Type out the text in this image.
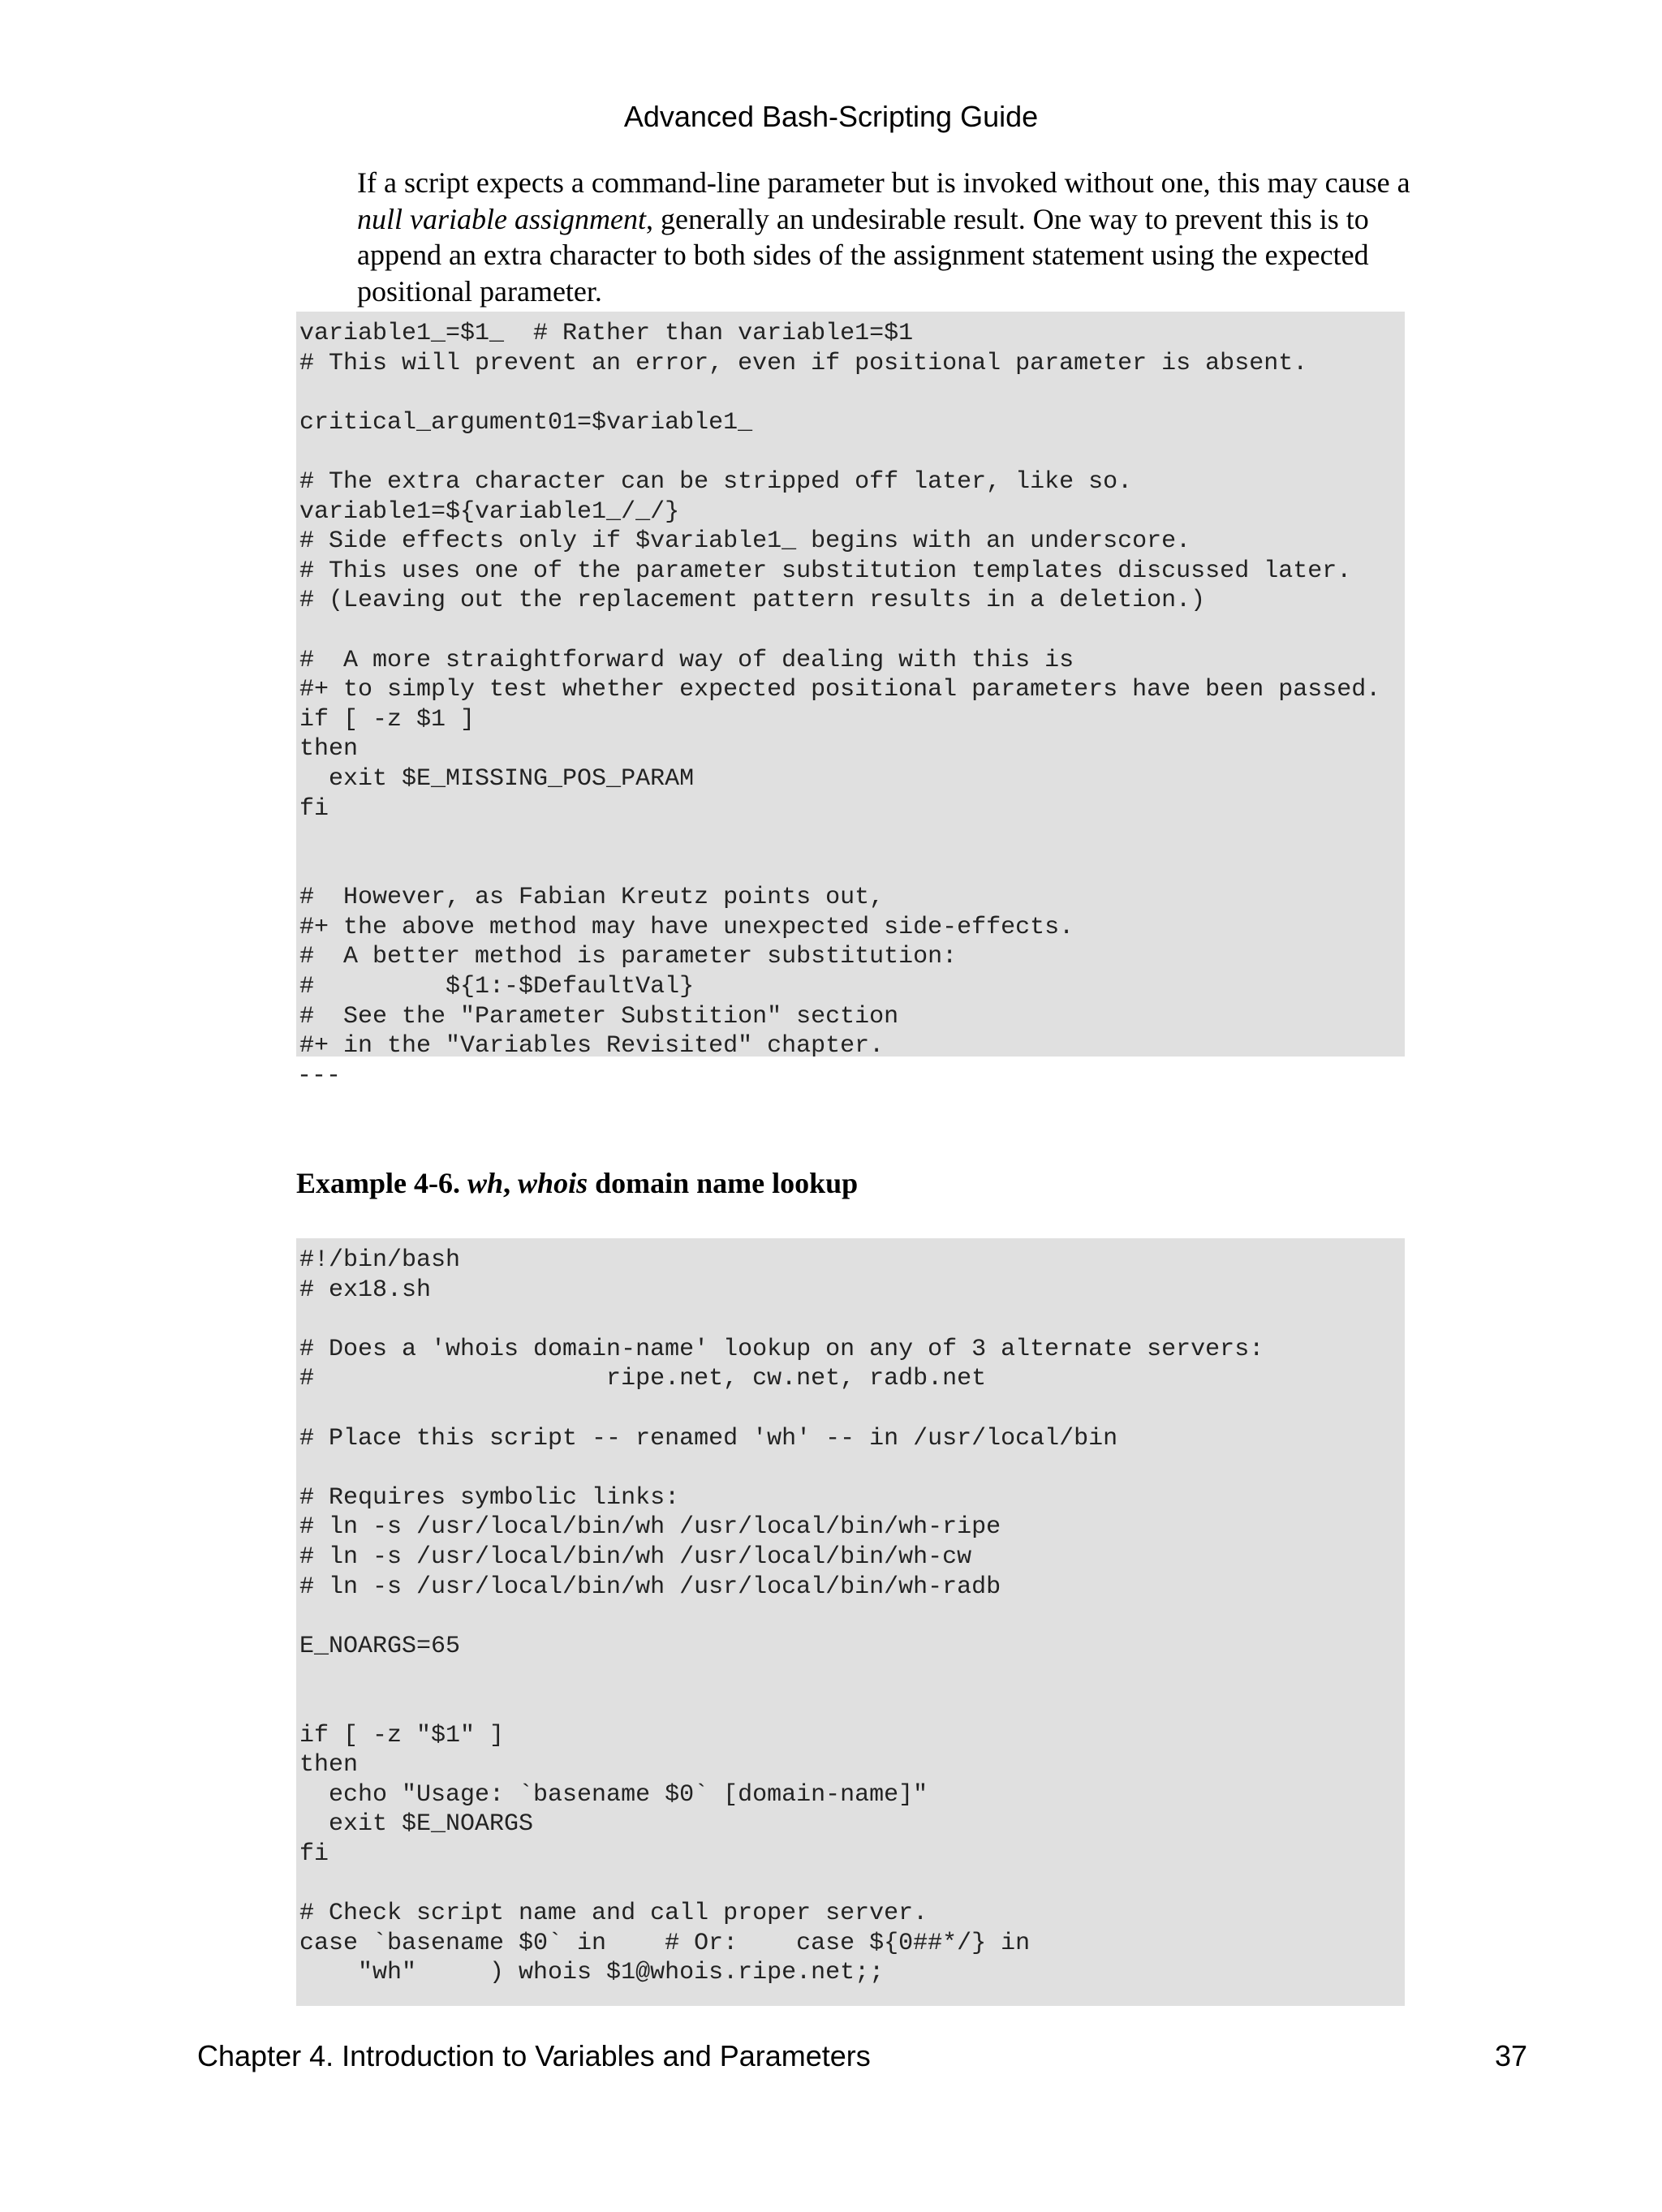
Advanced Bash-Scripting Guide

If a script expects a command-line parameter but is invoked without one, this may cause a null variable assignment, generally an undesirable result. One way to prevent this is to append an extra character to both sides of the assignment statement using the expected positional parameter.

variable1_=$1_  # Rather than variable1=$1
# This will prevent an error, even if positional parameter is absent.

critical_argument01=$variable1_

# The extra character can be stripped off later, like so.
variable1=${variable1_/_/}
# Side effects only if $variable1_ begins with an underscore.
# This uses one of the parameter substitution templates discussed later.
# (Leaving out the replacement pattern results in a deletion.)

#  A more straightforward way of dealing with this is
#+ to simply test whether expected positional parameters have been passed.
if [ -z $1 ]
then
exit $E_MISSING_POS_PARAM
fi

#  However, as Fabian Kreutz points out,
#+ the above method may have unexpected side-effects.
#  A better method is parameter substitution:
#         ${1:-$DefaultVal}
#  See the "Parameter Substition" section
#+ in the "Variables Revisited" chapter.
---
Example 4-6. wh, whois domain name lookup
#!/bin/bash
# ex18.sh

# Does a 'whois domain-name' lookup on any of 3 alternate servers:
#                    ripe.net, cw.net, radb.net

# Place this script -- renamed 'wh' -- in /usr/local/bin

# Requires symbolic links:
# ln -s /usr/local/bin/wh /usr/local/bin/wh-ripe
# ln -s /usr/local/bin/wh /usr/local/bin/wh-cw
# ln -s /usr/local/bin/wh /usr/local/bin/wh-radb

E_NOARGS=65

if [ -z "$1" ]
then
echo "Usage: `basename $0` [domain-name]"
exit $E_NOARGS
fi

# Check script name and call proper server.
case `basename $0` in    # Or:    case ${0##*/} in
"wh"     ) whois $1@whois.ripe.net;;
Chapter 4. Introduction to Variables and Parameters	37
